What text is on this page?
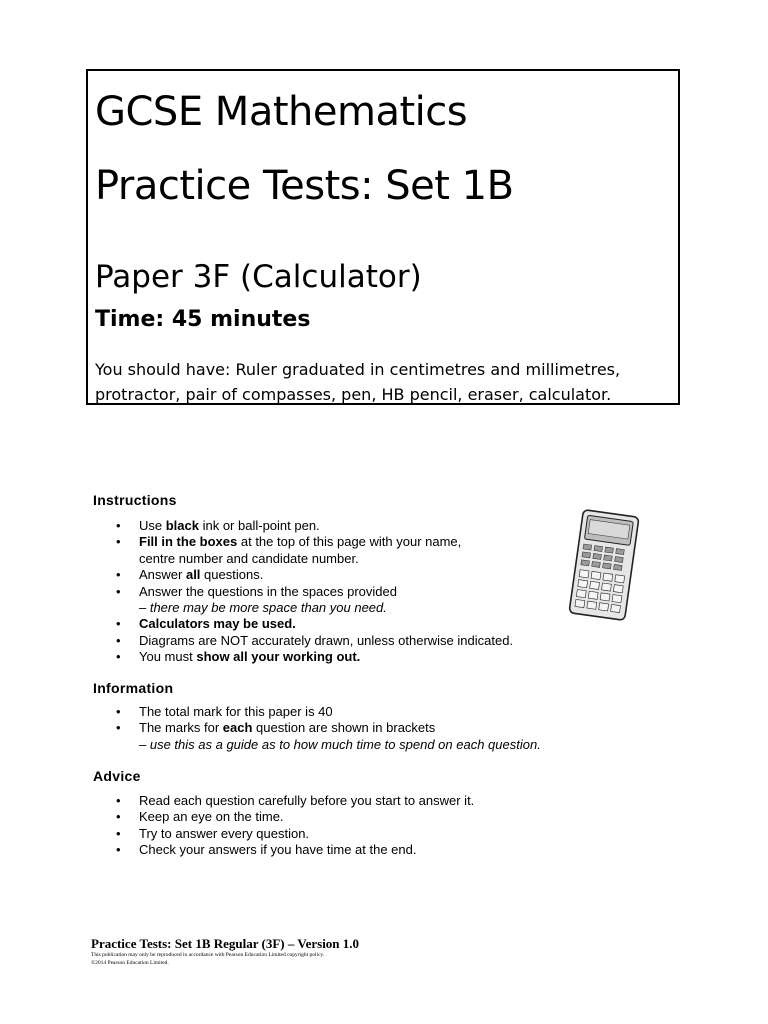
GCSE Mathematics
Practice Tests: Set 1B
Paper 3F (Calculator)
Time: 45 minutes
You should have: Ruler graduated in centimetres and millimetres,
protractor, pair of compasses, pen, HB pencil, eraser, calculator.
Instructions
• Use black ink or ball-point pen.
• Fill in the boxes at the top of this page with your name,
centre number and candidate number.
• Answer all questions.
• Answer the questions in the spaces provided
– there may be more space than you need.
• Calculators may be used.
• Diagrams are NOT accurately drawn, unless otherwise indicated.
• You must show all your working out.
Information
• The total mark for this paper is 40
• The marks for each question are shown in brackets
– use this as a guide as to how much time to spend on each question.
Advice
• Read each question carefully before you start to answer it.
• Keep an eye on the time.
• Try to answer every question.
• Check your answers if you have time at the end.
Practice Tests: Set 1B Regular (3F) – Version 1.0
This publication may only be reproduced in accordance with Pearson Education Limited copyright policy.
©2014 Pearson Education Limited.
